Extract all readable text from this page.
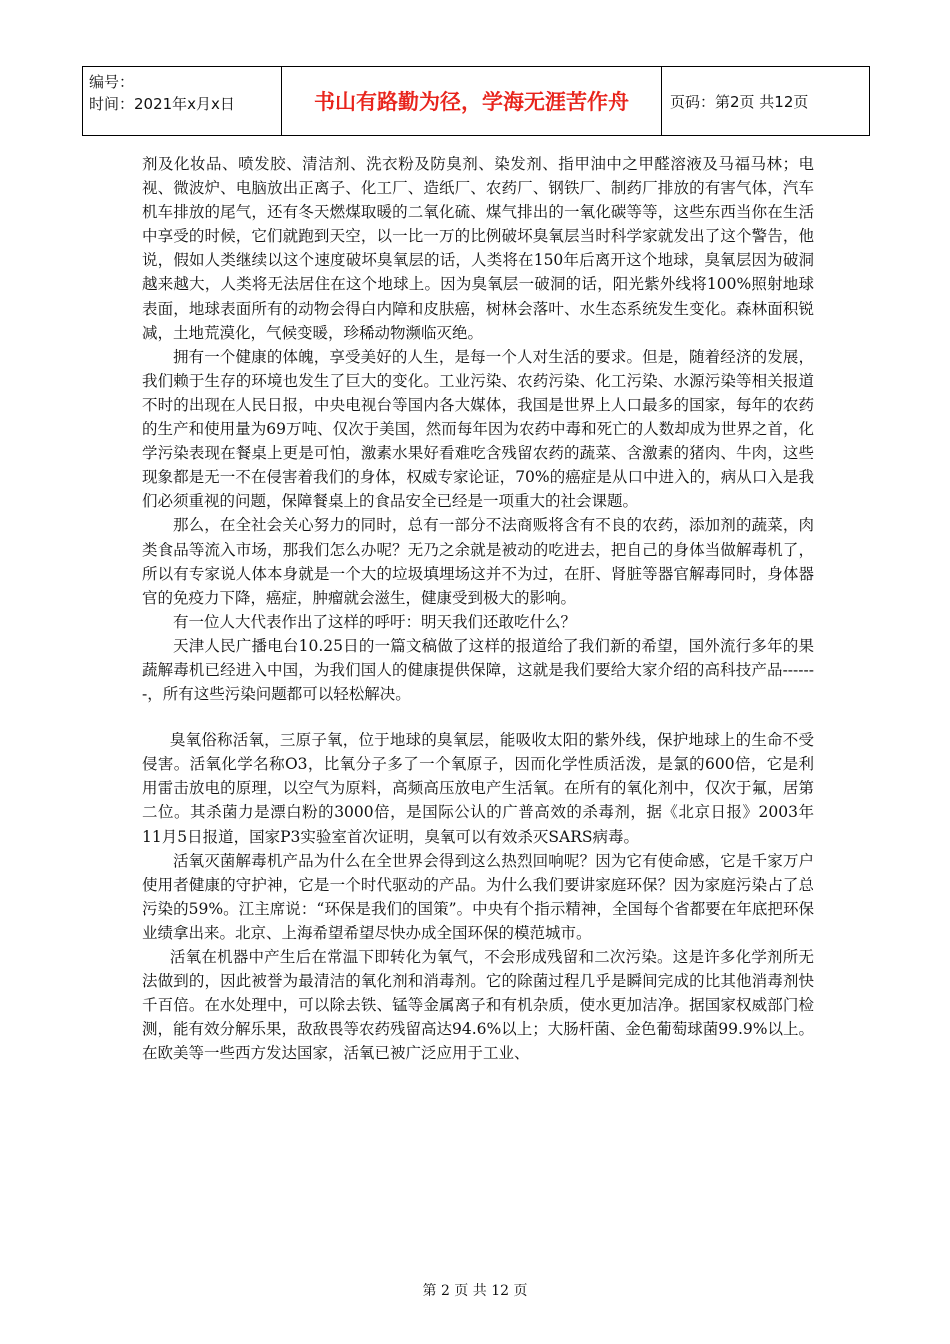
编号：
时间：2021年x月x日	书山有路勤为径，学海无涯苦作舟	页码：第2页 共12页

剂及化妆品、喷发胶、清洁剂、洗衣粉及防臭剂、染发剂、指甲油中之甲醛溶液及马福马林；电视、微波炉、电脑放出正离子、化工厂、造纸厂、农药厂、钢铁厂、制药厂排放的有害气体，汽车机车排放的尾气，还有冬天燃煤取暖的二氧化硫、煤气排出的一氧化碳等等，这些东西当你在生活中享受的时候，它们就跑到天空，以一比一万的比例破坏臭氧层当时科学家就发出了这个警告，他说，假如人类继续以这个速度破坏臭氧层的话，人类将在150年后离开这个地球，臭氧层因为破洞越来越大，人类将无法居住在这个地球上。因为臭氧层一破洞的话，阳光紫外线将100%照射地球表面，地球表面所有的动物会得白内障和皮肤癌，树林会落叶、水生态系统发生变化。森林面积锐减，土地荒漠化，气候变暖，珍稀动物濒临灭绝。

拥有一个健康的体魄，享受美好的人生，是每一个人对生活的要求。但是，随着经济的发展，我们赖于生存的环境也发生了巨大的变化。工业污染、农药污染、化工污染、水源污染等相关报道不时的出现在人民日报，中央电视台等国内各大媒体，我国是世界上人口最多的国家，每年的农药的生产和使用量为69万吨、仅次于美国，然而每年因为农药中毒和死亡的人数却成为世界之首，化学污染表现在餐桌上更是可怕，激素水果好看难吃含残留农药的蔬菜、含激素的猪肉、牛肉，这些现象都是无一不在侵害着我们的身体，权威专家论证，70%的癌症是从口中进入的，病从口入是我们必须重视的问题，保障餐桌上的食品安全已经是一项重大的社会课题。

那么，在全社会关心努力的同时，总有一部分不法商贩将含有不良的农药，添加剂的蔬菜，肉类食品等流入市场，那我们怎么办呢？无乃之余就是被动的吃进去，把自己的身体当做解毒机了，所以有专家说人体本身就是一个大的垃圾填埋场这并不为过，在肝、肾脏等器官解毒同时，身体器官的免疫力下降，癌症，肿瘤就会滋生，健康受到极大的影响。

有一位人大代表作出了这样的呼吁：明天我们还敢吃什么？

天津人民广播电台10.25日的一篇文稿做了这样的报道给了我们新的希望，国外流行多年的果蔬解毒机已经进入中国，为我们国人的健康提供保障，这就是我们要给大家介绍的高科技产品-------，所有这些污染问题都可以轻松解决。

臭氧俗称活氧，三原子氧，位于地球的臭氧层，能吸收太阳的紫外线，保护地球上的生命不受侵害。活氧化学名称O3，比氧分子多了一个氧原子，因而化学性质活泼，是氯的600倍，它是利用雷击放电的原理，以空气为原料，高频高压放电产生活氧。在所有的氧化剂中，仅次于氟，居第二位。其杀菌力是漂白粉的3000倍，是国际公认的广普高效的杀毒剂，据《北京日报》2003年11月5日报道，国家P3实验室首次证明，臭氧可以有效杀灭SARS病毒。

活氧灭菌解毒机产品为什么在全世界会得到这么热烈回响呢？因为它有使命感，它是千家万户使用者健康的守护神，它是一个时代驱动的产品。为什么我们要讲家庭环保？因为家庭污染占了总污染的59%。江主席说：“环保是我们的国策”。中央有个指示精神，全国每个省都要在年底把环保业绩拿出来。北京、上海希望希望尽快办成全国环保的模范城市。

活氧在机器中产生后在常温下即转化为氧气，不会形成残留和二次污染。这是许多化学剂所无法做到的，因此被誉为最清洁的氧化剂和消毒剂。它的除菌过程几乎是瞬间完成的比其他消毒剂快千百倍。在水处理中，可以除去铁、锰等金属离子和有机杂质，使水更加洁净。据国家权威部门检测，能有效分解乐果，敌敌畏等农药残留高达94.6%以上；大肠杆菌、金色葡萄球菌99.9%以上。在欧美等一些西方发达国家，活氧已被广泛应用于工业、

第 2 页 共 12 页
